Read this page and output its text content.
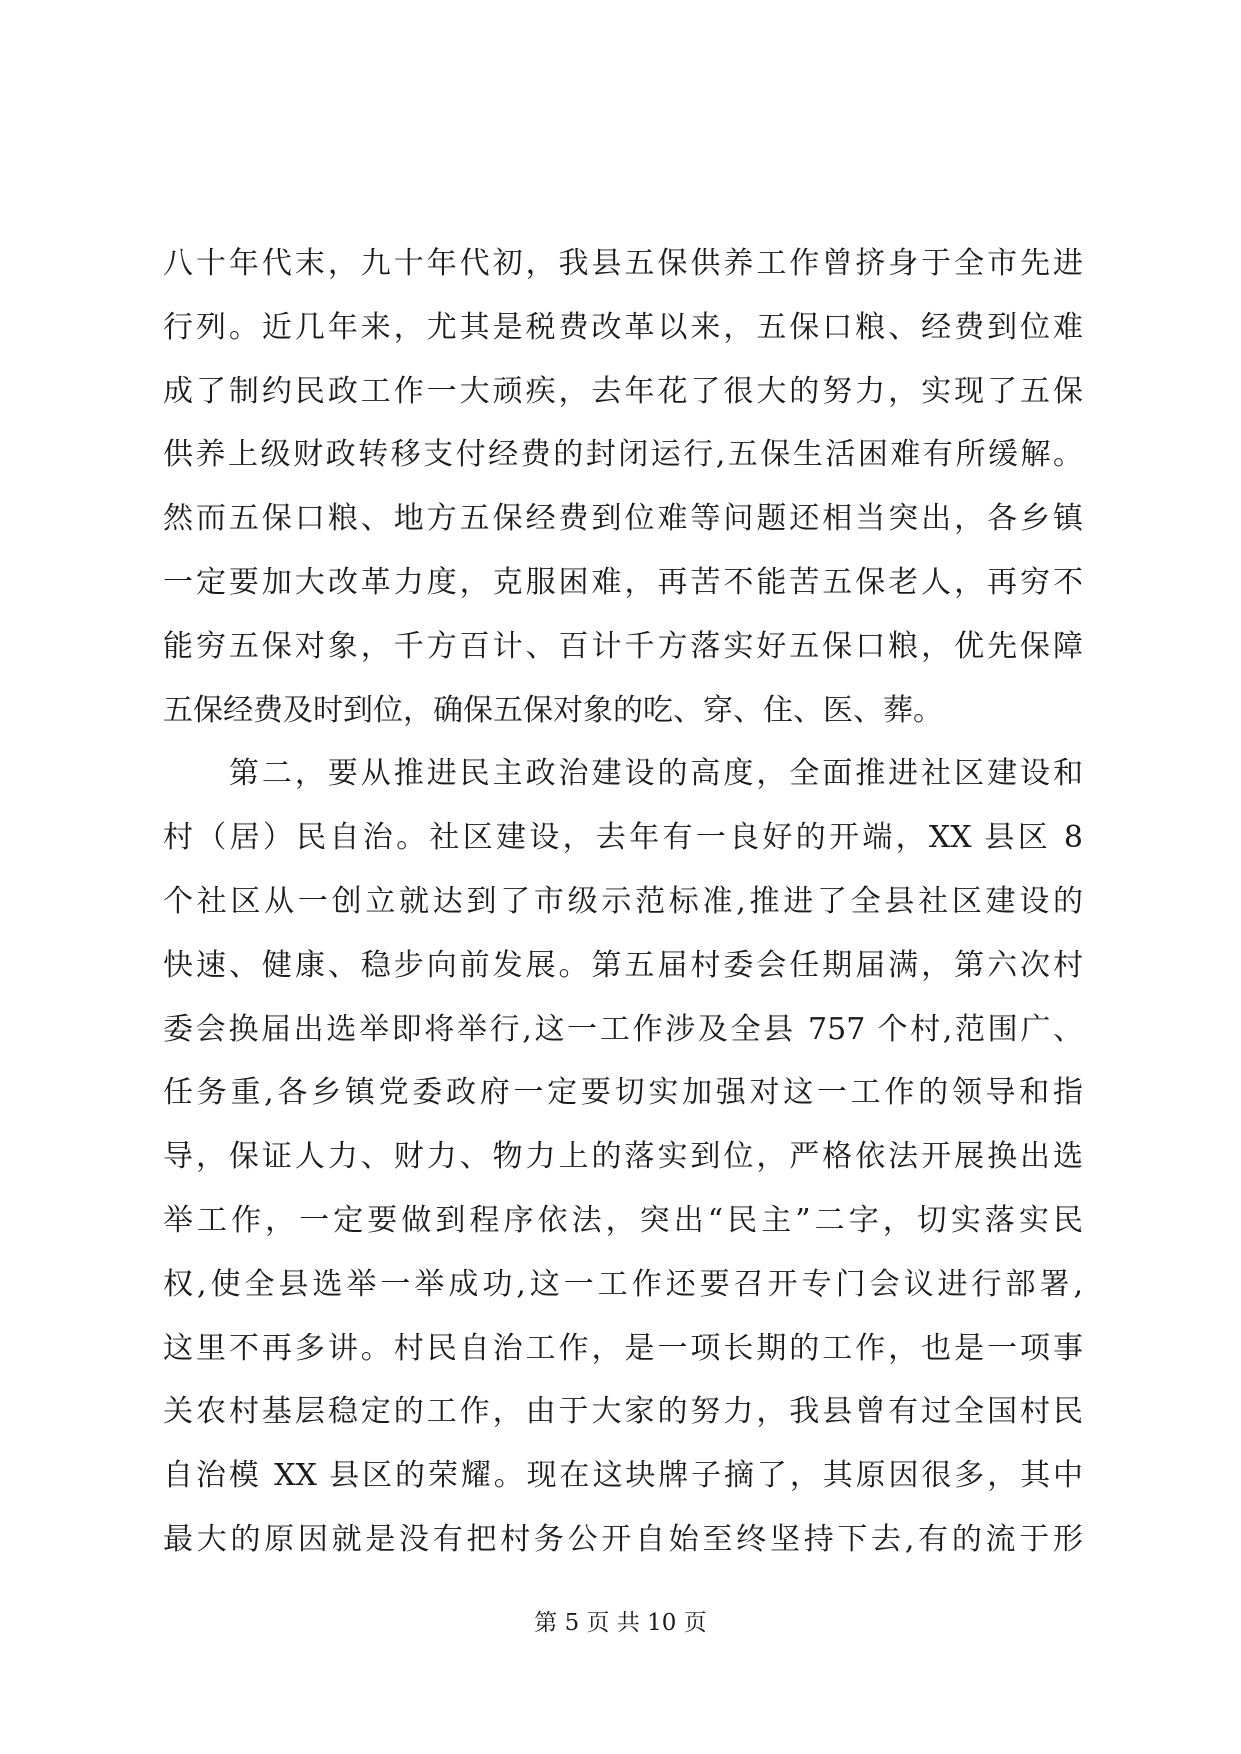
八十年代末，九十年代初，我县五保供养工作曾挤身于全市先进
行列。近几年来，尤其是税费改革以来，五保口粮、经费到位难
成了制约民政工作一大顽疾，去年花了很大的努力，实现了五保
供养上级财政转移支付经费的封闭运行,五保生活困难有所缓解。
然而五保口粮、地方五保经费到位难等问题还相当突出，各乡镇
一定要加大改革力度，克服困难，再苦不能苦五保老人，再穷不
能穷五保对象，千方百计、百计千方落实好五保口粮，优先保障
五保经费及时到位，确保五保对象的吃、穿、住、医、葬。
　　第二，要从推进民主政治建设的高度，全面推进社区建设和
村（居）民自治。社区建设，去年有一良好的开端，XX 县区 8
个社区从一创立就达到了市级示范标准,推进了全县社区建设的
快速、健康、稳步向前发展。第五届村委会任期届满，第六次村
委会换届出选举即将举行,这一工作涉及全县 757 个村,范围广、
任务重,各乡镇党委政府一定要切实加强对这一工作的领导和指
导，保证人力、财力、物力上的落实到位，严格依法开展换出选
举工作，一定要做到程序依法，突出“民主”二字，切实落实民
权,使全县选举一举成功,这一工作还要召开专门会议进行部署,
这里不再多讲。村民自治工作，是一项长期的工作，也是一项事
关农村基层稳定的工作，由于大家的努力，我县曾有过全国村民
自治模 XX 县区的荣耀。现在这块牌子摘了，其原因很多，其中
最大的原因就是没有把村务公开自始至终坚持下去,有的流于形
第 5 页 共 10 页
